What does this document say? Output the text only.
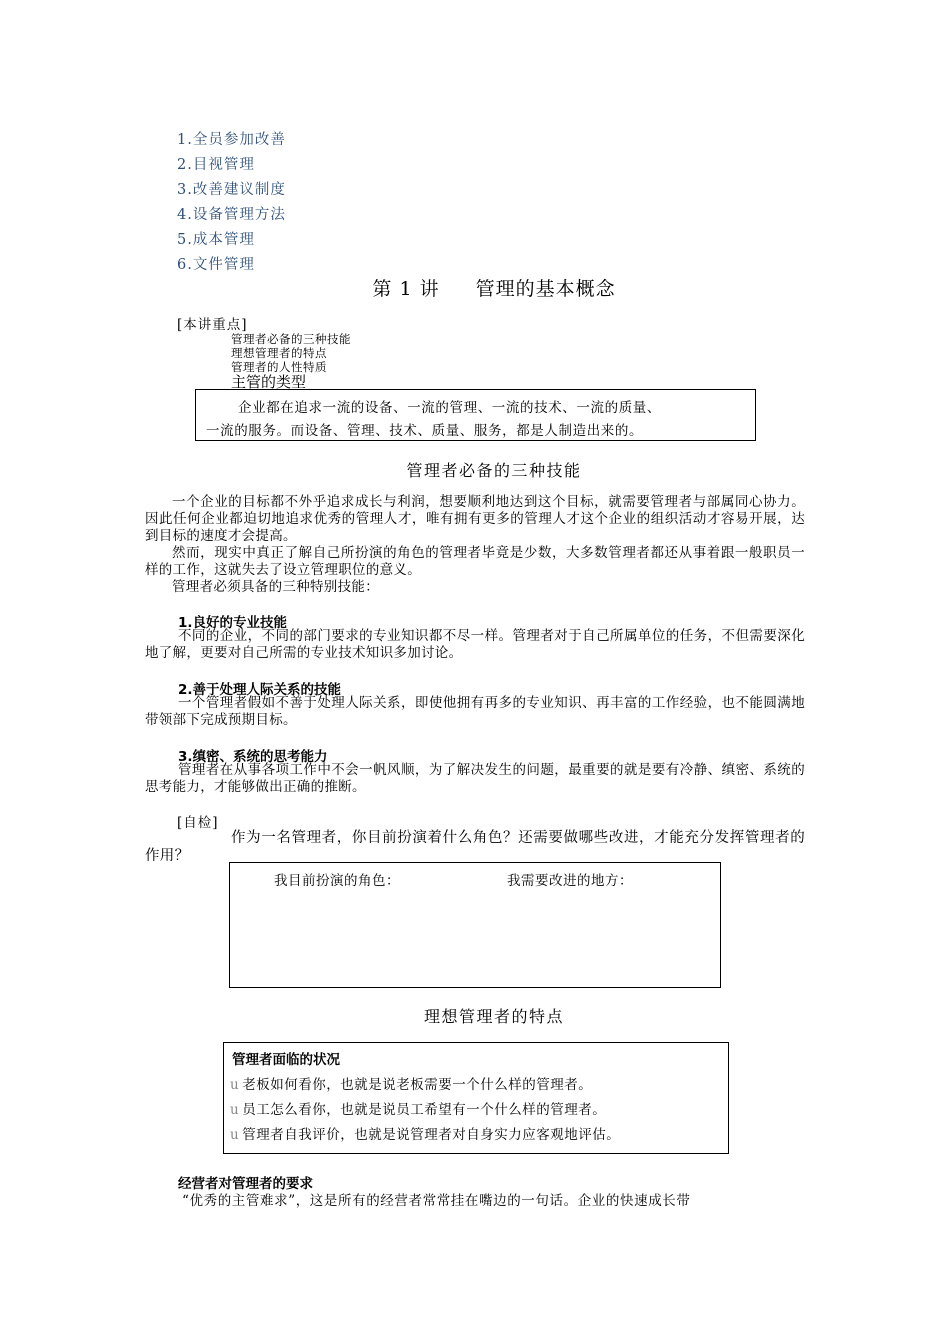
1.全员参加改善
2.目视管理
3.改善建议制度
4.设备管理方法
5.成本管理
6.文件管理
第 1 讲 管理的基本概念
[本讲重点]
管理者必备的三种技能
理想管理者的特点
管理者的人性特质
主管的类型
企业都在追求一流的设备、一流的管理、一流的技术、一流的质量、
一流的服务。而设备、管理、技术、质量、服务，都是人制造出来的。
管理者必备的三种技能
一个企业的目标都不外乎追求成长与利润，想要顺利地达到这个目标，就需要管理者与部属同心协力。因此任何企业都迫切地追求优秀的管理人才，唯有拥有更多的管理人才这个企业的组织活动才容易开展，达到目标的速度才会提高。
然而，现实中真正了解自己所扮演的角色的管理者毕竟是少数，大多数管理者都还从事着跟一般职员一样的工作，这就失去了设立管理职位的意义。
管理者必须具备的三种特别技能：
1.良好的专业技能
不同的企业，不同的部门要求的专业知识都不尽一样。管理者对于自己所属单位的任务，不但需要深化地了解，更要对自己所需的专业技术知识多加讨论。
2.善于处理人际关系的技能
一个管理者假如不善于处理人际关系，即使他拥有再多的专业知识、再丰富的工作经验，也不能圆满地带领部下完成预期目标。
3.缜密、系统的思考能力
管理者在从事各项工作中不会一帆风顺，为了解决发生的问题，最重要的就是要有冷静、缜密、系统的思考能力，才能够做出正确的推断。
[自检]
作为一名管理者，你目前扮演着什么角色？还需要做哪些改进，才能充分发挥管理者的作用？
我目前扮演的角色：	我需要改进的地方：
理想管理者的特点
管理者面临的状况
u 老板如何看你，也就是说老板需要一个什么样的管理者。
u 员工怎么看你，也就是说员工希望有一个什么样的管理者。
u 管理者自我评价，也就是说管理者对自身实力应客观地评估。
经营者对管理者的要求
“优秀的主管难求”，这是所有的经营者常常挂在嘴边的一句话。企业的快速成长带
